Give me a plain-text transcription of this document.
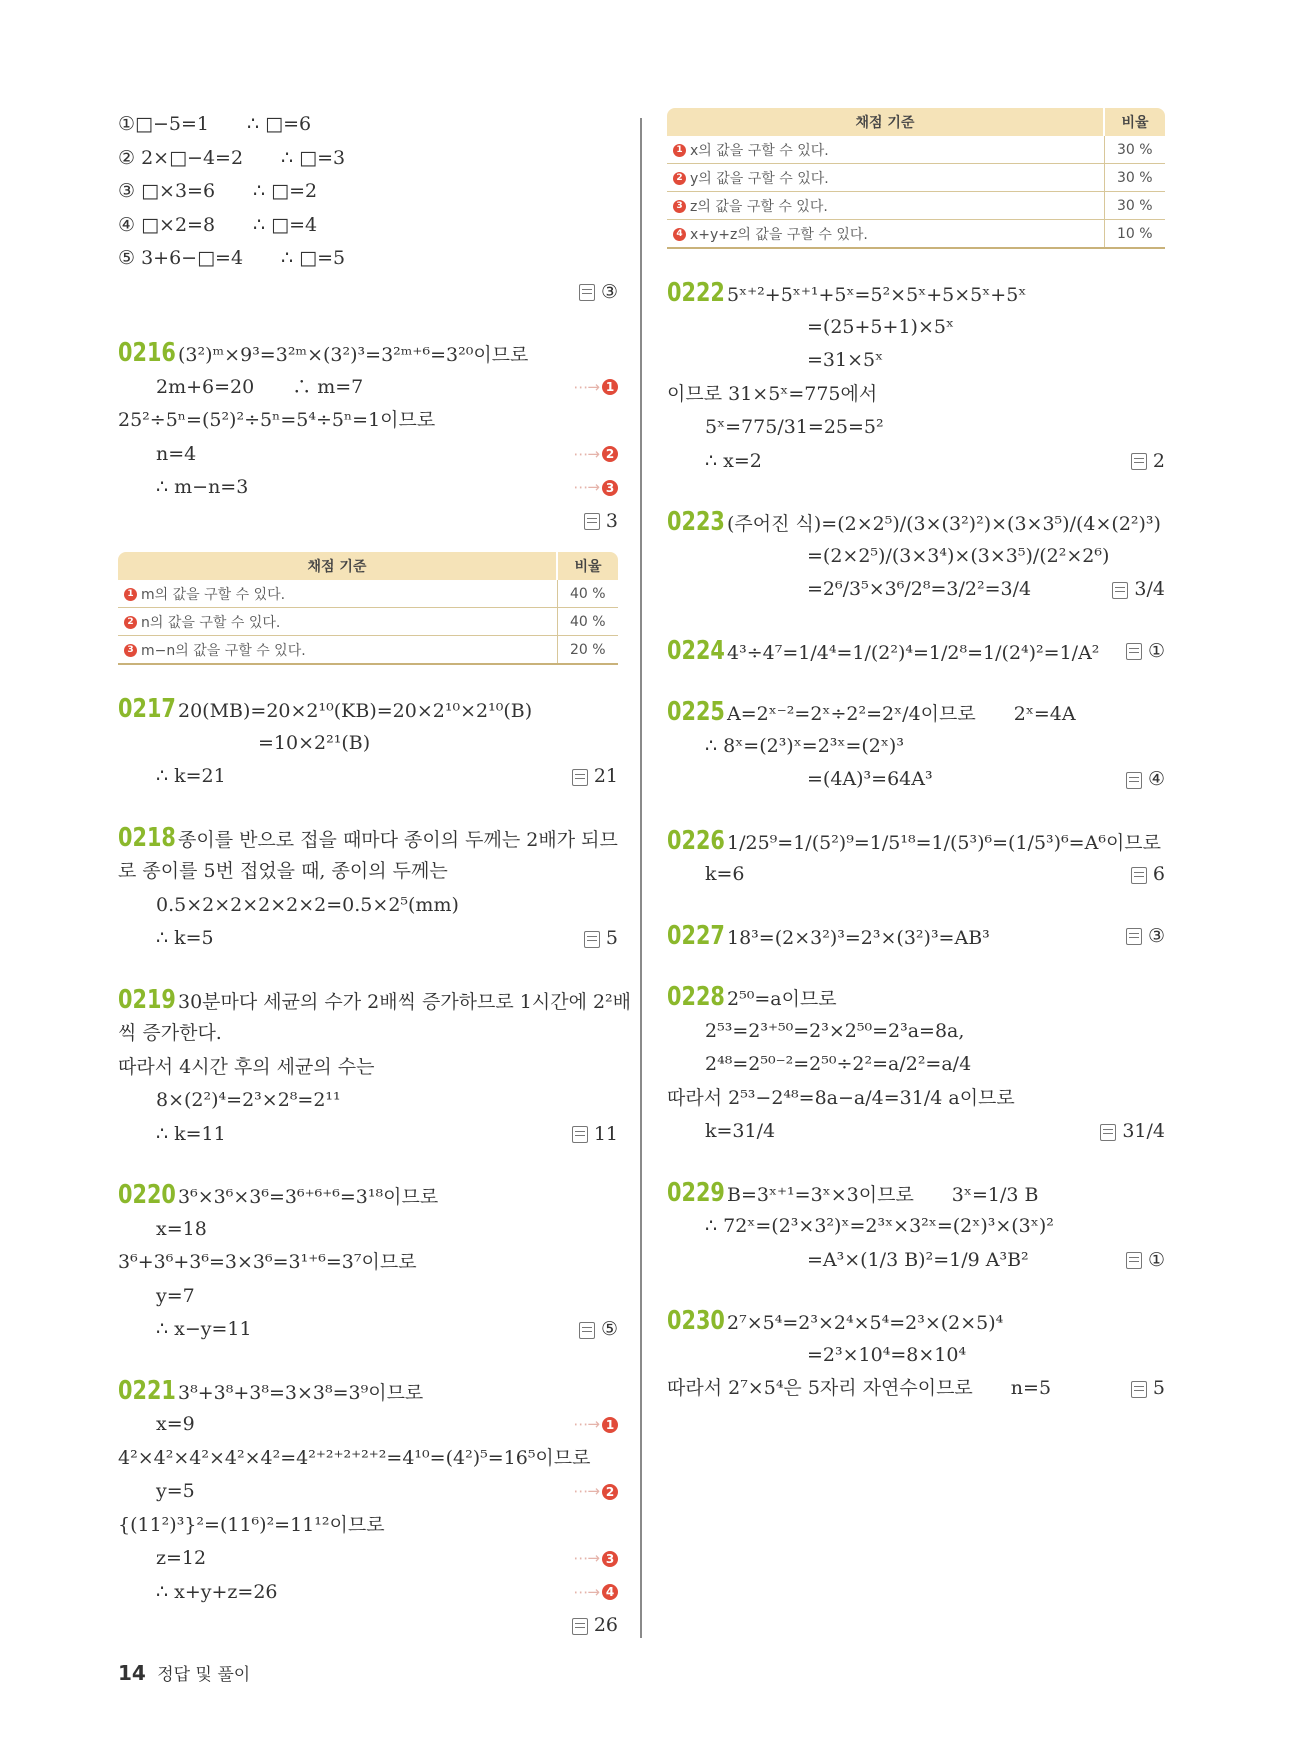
①□−5=1　　∴ □=6
② 2×□−4=2　　∴ □=3
③ □×3=6　　∴ □=2
④ □×2=8　　∴ □=4
⑤ 3+6−□=4　　∴ □=5
③
0216 (3²)ᵐ×9³=3²ᵐ×(3²)³=3²ᵐ⁺⁶=3²⁰이므로
2m+6=20　　∴ m=7	⋯→ 1
25²÷5ⁿ=(5²)²÷5ⁿ=5⁴÷5ⁿ=1이므로
n=4	⋯→ 2
∴ m−n=3	⋯→ 3
3
채점 기준	비율
1 m의 값을 구할 수 있다.	40 %
2 n의 값을 구할 수 있다.	40 %
3 m−n의 값을 구할 수 있다.	20 %
0217 20(MB)=20×2¹⁰(KB)=20×2¹⁰×2¹⁰(B)
=10×2²¹(B)
∴ k=21	21
0218 종이를 반으로 접을 때마다 종이의 두께는 2배가 되므
로 종이를 5번 접었을 때, 종이의 두께는
0.5×2×2×2×2×2=0.5×2⁵(mm)
∴ k=5	5
0219 30분마다 세균의 수가 2배씩 증가하므로 1시간에 2²배
씩 증가한다.
따라서 4시간 후의 세균의 수는
8×(2²)⁴=2³×2⁸=2¹¹
∴ k=11	11
0220 3⁶×3⁶×3⁶=3⁶⁺⁶⁺⁶=3¹⁸이므로
x=18
3⁶+3⁶+3⁶=3×3⁶=3¹⁺⁶=3⁷이므로
y=7
∴ x−y=11	⑤
0221 3⁸+3⁸+3⁸=3×3⁸=3⁹이므로
x=9	⋯→ 1
4²×4²×4²×4²×4²=4²⁺²⁺²⁺²⁺²=4¹⁰=(4²)⁵=16⁵이므로
y=5	⋯→ 2
{(11²)³}²=(11⁶)²=11¹²이므로
z=12	⋯→ 3
∴ x+y+z=26	⋯→ 4
26
채점 기준	비율
1 x의 값을 구할 수 있다.	30 %
2 y의 값을 구할 수 있다.	30 %
3 z의 값을 구할 수 있다.	30 %
4 x+y+z의 값을 구할 수 있다.	10 %
0222 5ˣ⁺²+5ˣ⁺¹+5ˣ=5²×5ˣ+5×5ˣ+5ˣ
=(25+5+1)×5ˣ
=31×5ˣ
이므로 31×5ˣ=775에서
5ˣ=775/31=25=5²
∴ x=2	2
0223 (주어진 식)=(2×2⁵)/(3×(3²)²)×(3×3⁵)/(4×(2²)³)
=(2×2⁵)/(3×3⁴)×(3×3⁵)/(2²×2⁶)
=2⁶/3⁵×3⁶/2⁸=3/2²=3/4	3/4
0224 4³÷4⁷=1/4⁴=1/(2²)⁴=1/2⁸=1/(2⁴)²=1/A²	①
0225 A=2ˣ⁻²=2ˣ÷2²=2ˣ/4이므로　　2ˣ=4A
∴ 8ˣ=(2³)ˣ=2³ˣ=(2ˣ)³
=(4A)³=64A³	④
0226 1/25⁹=1/(5²)⁹=1/5¹⁸=1/(5³)⁶=(1/5³)⁶=A⁶이므로
k=6	6
0227 18³=(2×3²)³=2³×(3²)³=AB³	③
0228 2⁵⁰=a이므로
2⁵³=2³⁺⁵⁰=2³×2⁵⁰=2³a=8a,
2⁴⁸=2⁵⁰⁻²=2⁵⁰÷2²=a/2²=a/4
따라서 2⁵³−2⁴⁸=8a−a/4=31/4 a이므로
k=31/4	31/4
0229 B=3ˣ⁺¹=3ˣ×3이므로　　3ˣ=1/3 B
∴ 72ˣ=(2³×3²)ˣ=2³ˣ×3²ˣ=(2ˣ)³×(3ˣ)²
=A³×(1/3 B)²=1/9 A³B²	①
0230 2⁷×5⁴=2³×2⁴×5⁴=2³×(2×5)⁴
=2³×10⁴=8×10⁴
따라서 2⁷×5⁴은 5자리 자연수이므로　　n=5	5
14 정답 및 풀이
